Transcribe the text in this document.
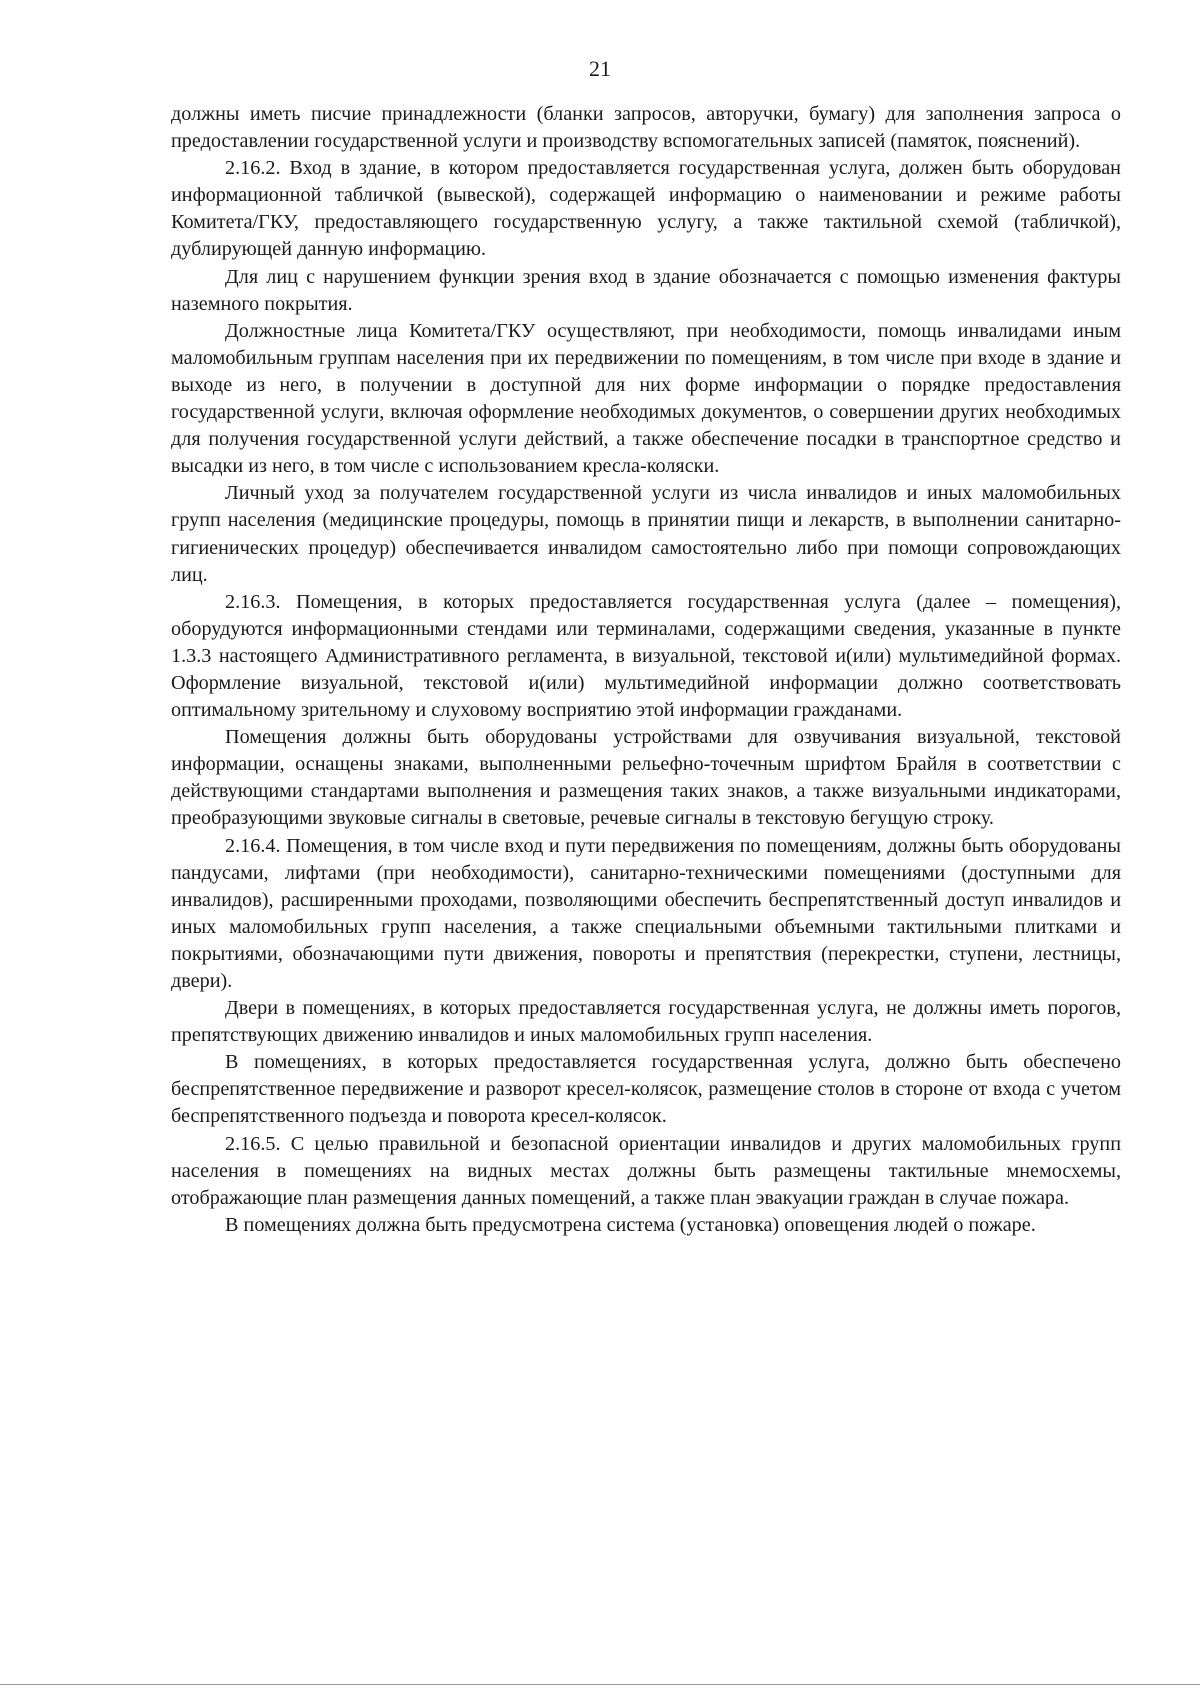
21

должны иметь писчие принадлежности (бланки запросов, авторучки, бумагу) для заполнения запроса о предоставлении государственной услуги и производству вспомогательных записей (памяток, пояснений).

2.16.2. Вход в здание, в котором предоставляется государственная услуга, должен быть оборудован информационной табличкой (вывеской), содержащей информацию о наименовании и режиме работы Комитета/ГКУ, предоставляющего государственную услугу, а также тактильной схемой (табличкой), дублирующей данную информацию.

Для лиц с нарушением функции зрения вход в здание обозначается с помощью изменения фактуры наземного покрытия.

Должностные лица Комитета/ГКУ осуществляют, при необходимости, помощь инвалидами иным маломобильным группам населения при их передвижении по помещениям, в том числе при входе в здание и выходе из него, в получении в доступной для них форме информации о порядке предоставления государственной услуги, включая оформление необходимых документов, о совершении других необходимых для получения государственной услуги действий, а также обеспечение посадки в транспортное средство и высадки из него, в том числе с использованием кресла-коляски.

Личный уход за получателем государственной услуги из числа инвалидов и иных маломобильных групп населения (медицинские процедуры, помощь в принятии пищи и лекарств, в выполнении санитарно-гигиенических процедур) обеспечивается инвалидом самостоятельно либо при помощи сопровождающих лиц.

2.16.3. Помещения, в которых предоставляется государственная услуга (далее – помещения), оборудуются информационными стендами или терминалами, содержащими сведения, указанные в пункте 1.3.3 настоящего Административного регламента, в визуальной, текстовой и(или) мультимедийной формах. Оформление визуальной, текстовой и(или) мультимедийной информации должно соответствовать оптимальному зрительному и слуховому восприятию этой информации гражданами.

Помещения должны быть оборудованы устройствами для озвучивания визуальной, текстовой информации, оснащены знаками, выполненными рельефно-точечным шрифтом Брайля в соответствии с действующими стандартами выполнения и размещения таких знаков, а также визуальными индикаторами, преобразующими звуковые сигналы в световые, речевые сигналы в текстовую бегущую строку.

2.16.4. Помещения, в том числе вход и пути передвижения по помещениям, должны быть оборудованы пандусами, лифтами (при необходимости), санитарно-техническими помещениями (доступными для инвалидов), расширенными проходами, позволяющими обеспечить беспрепятственный доступ инвалидов и иных маломобильных групп населения, а также специальными объемными тактильными плитками и покрытиями, обозначающими пути движения, повороты и препятствия (перекрестки, ступени, лестницы, двери).

Двери в помещениях, в которых предоставляется государственная услуга, не должны иметь порогов, препятствующих движению инвалидов и иных маломобильных групп населения.

В помещениях, в которых предоставляется государственная услуга, должно быть обеспечено беспрепятственное передвижение и разворот кресел-колясок, размещение столов в стороне от входа с учетом беспрепятственного подъезда и поворота кресел-колясок.

2.16.5. С целью правильной и безопасной ориентации инвалидов и других маломобильных групп населения в помещениях на видных местах должны быть размещены тактильные мнемосхемы, отображающие план размещения данных помещений, а также план эвакуации граждан в случае пожара.

В помещениях должна быть предусмотрена система (установка) оповещения людей о пожаре.
